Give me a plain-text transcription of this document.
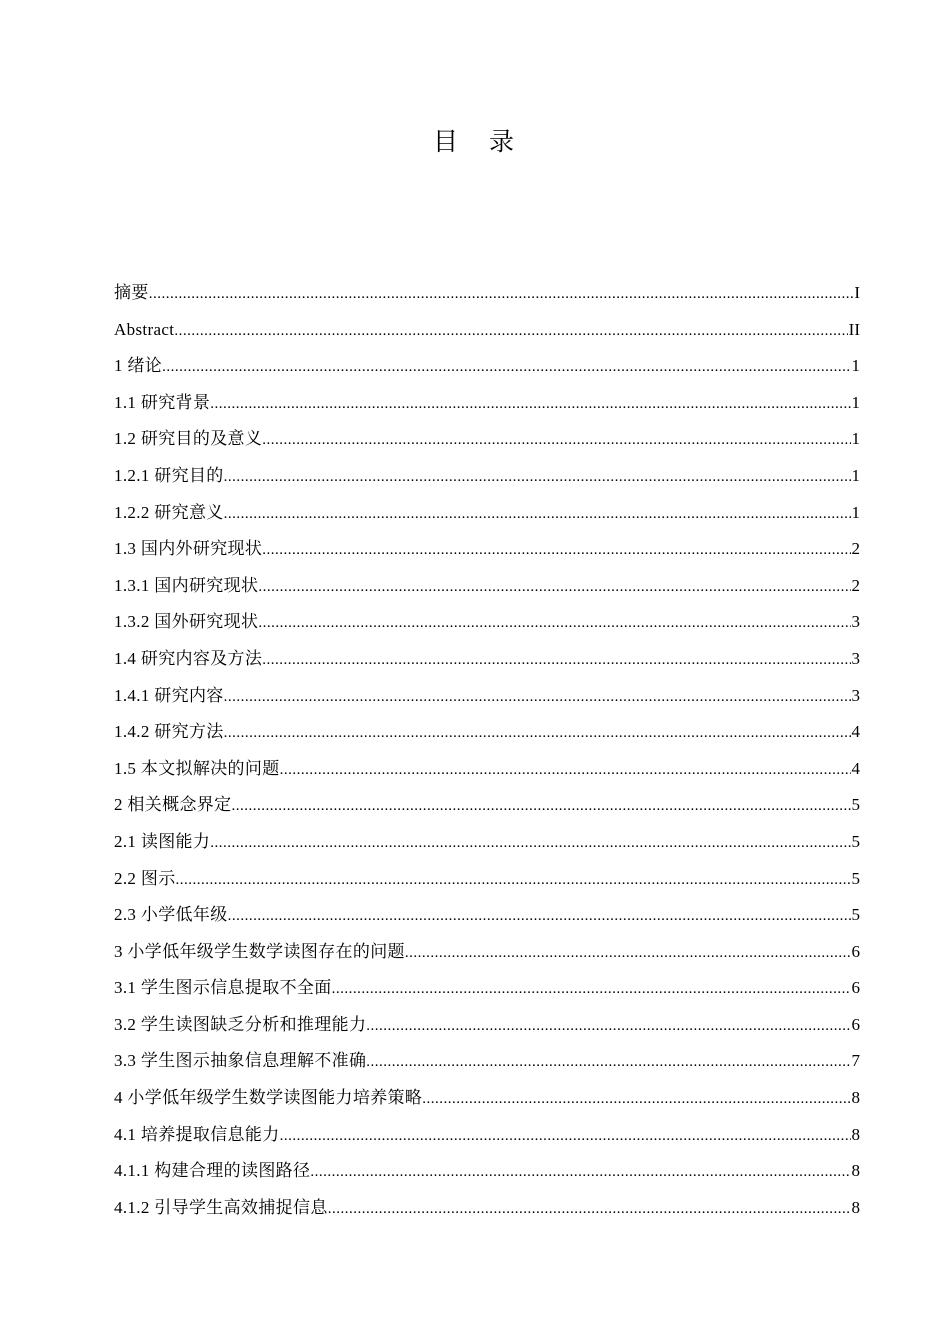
目　录
摘要 .....	I
Abstract .....	II
1 绪论 .....	1
1.1 研究背景 .....	1
1.2 研究目的及意义 .....	1
1.2.1 研究目的 .....	1
1.2.2 研究意义 .....	1
1.3 国内外研究现状 .....	2
1.3.1 国内研究现状 .....	2
1.3.2 国外研究现状 .....	3
1.4 研究内容及方法 .....	3
1.4.1 研究内容 .....	3
1.4.2 研究方法 .....	4
1.5 本文拟解决的问题 .....	4
2 相关概念界定 .....	5
2.1 读图能力 .....	5
2.2 图示 .....	5
2.3 小学低年级 .....	5
3 小学低年级学生数学读图存在的问题 .....	6
3.1 学生图示信息提取不全面 .....	6
3.2 学生读图缺乏分析和推理能力 .....	6
3.3 学生图示抽象信息理解不准确 .....	7
4 小学低年级学生数学读图能力培养策略 .....	8
4.1 培养提取信息能力 .....	8
4.1.1 构建合理的读图路径 .....	8
4.1.2 引导学生高效捕捉信息 .....	8
